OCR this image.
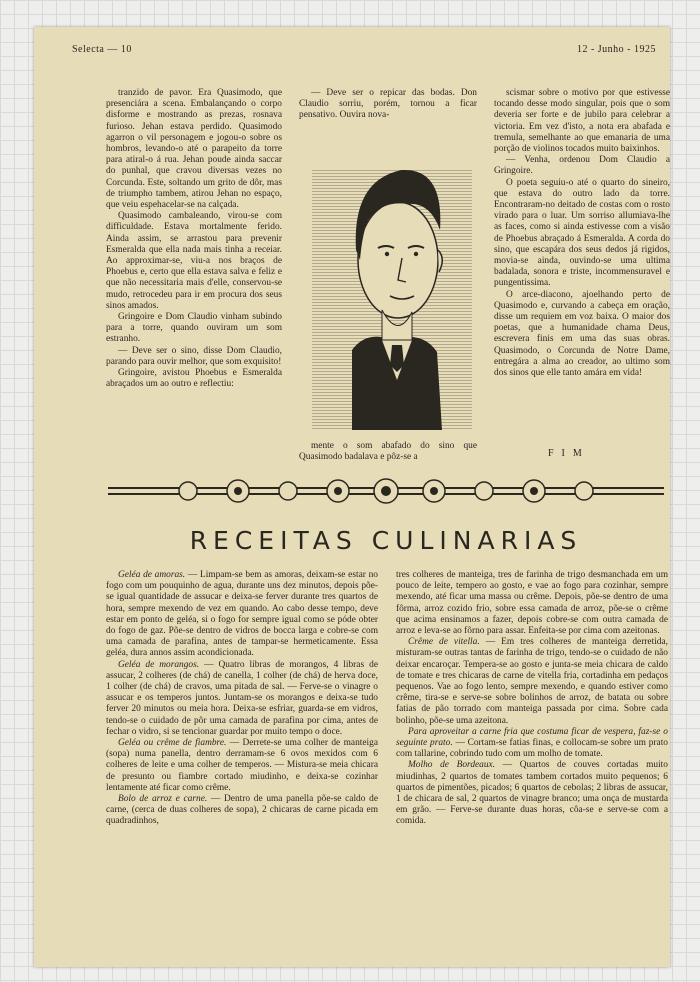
Selecta — 10	12 - Junho - 1925

tranzido de pavor. Era Quasimodo, que presenciára a scena. Embalançando o corpo disforme e mostrando as prezas, rosnava furioso. Jehan estava perdido. Quasimodo agarron o vil personagem e jogou-o sobre os hombros, levando-o até o parapeito da torre para atiral-o á rua. Jehan poude ainda saccar do punhal, que cravou diversas vezes no Corcunda. Este, soltando um grito de dôr, mas de triumpho tambem, atirou Jehan no espaço, que veiu espehacelar-se na calçada.

Quasimodo cambaleando, virou-se com difficuldade. Estava mortalmente ferido. Ainda assim, se arrastou para prevenir Esmeralda que ella nada mais tinha a receiar. Ao approximar-se, viu-a nos braços de Phoebus e, certo que ella estava salva e feliz e que não necessitaria mais d'elle, conservou-se mudo, retrocedeu para ir em procura dos seus sinos amados.

Gringoire e Dom Claudio vinham subindo para a torre, quando ouviram um som estranho.

— Deve ser o sino, disse Dom Claudio, parando para ouvir melhor, que som exquisito!

Gringoire, avistou Phoebus e Esmeralda abraçados um ao outro e reflectiu:

— Deve ser o repicar das bodas. Don Claudio sorriu, porém, tornou a ficar pensativo. Ouvira nova-

mente o som abafado do sino que Quasimodo badalava e pôz-se a

scismar sobre o motivo por que estivesse tocando desse modo singular, pois que o som deveria ser forte e de jubilo para celebrar a victoria. Em vez d'isto, a nota era abafada e tremula, semelhante ao que emanaria de uma porção de violinos tocados muito baixinhos.

— Venha, ordenou Dom Claudio a Gringoire.

O poeta seguiu-o até o quarto do sineiro, que estava do outro lado da torre. Encontraram-no deitado de costas com o rosto virado para o luar. Um sorriso allumiava-lhe as faces, como si ainda estivesse com a visão de Phoebus abraçado á Esmeralda. A corda do sino, que escapára dos seus dedos já rigidos, movia-se ainda, ouvindo-se uma ultima badalada, sonora e triste, incommensuravel e pungentissima.

O arce-diacono, ajoelhando perto de Quasimodo e, curvando a cabeça em oração, disse um requiem em voz baixa. O maior dos poetas, que a humanidade chama Deus, escrevera finis em uma das suas obras. Quasimodo, o Corcunda de Notre Dame, entregára a alma ao creador, ao ultimo som dos sinos que elle tanto amára em vida!

FIM
RECEITAS CULINARIAS

Geléa de amoras. — Limpam-se bem as amoras, deixam-se estar no fogo com um pouquinho de agua, durante uns dez minutos, depois põe-se igual quantidade de assucar e deixa-se ferver durante tres quartos de hora, sempre mexendo de vez em quando. Ao cabo desse tempo, deve estar em ponto de geléa, si o fogo for sempre igual como se póde obter do fogo de gaz. Põe-se dentro de vidros de bocca larga e cobre-se com uma camada de parafina, antes de tampar-se hermeticamente. Essa geléa, dura annos assim acondicionada.

Geléa de morangos. — Quatro libras de morangos, 4 libras de assucar, 2 colheres (de chá) de canella, 1 colher (de chá) de herva doce, 1 colher (de chá) de cravos, uma pitada de sal. — Ferve-se o vinagre o assucar e os temperos juntos. Juntam-se os morangos e deixa-se tudo ferver 20 minutos ou meia hora. Deixa-se esfriar, guarda-se em vidros, tendo-se o cuidado de pôr uma camada de parafina por cima, antes de fechar o vidro, si se tencionar guardar por muito tempo o doce.

Geléa ou crême de fiambre. — Derrete-se uma colher de manteiga (sopa) numa panella, dentro derramam-se 6 ovos mexidos com 6 colheres de leite e uma colher de temperos. — Mistura-se meia chicara de presunto ou fiambre cortado miudinho, e deixa-se cozinhar lentamente até ficar como crême.

Bolo de arroz e carne. — Dentro de uma panella põe-se caldo de carne, (cerca de duas colheres de sopa), 2 chicaras de carne picada em quadradinhos,

tres colheres de manteiga, tres de farinha de trigo desmanchada em um pouco de leite, tempero ao gosto, e vae ao fogo para cozinhar, sempre mexendo, até ficar uma massa ou crême. Depois, põe-se dentro de uma fôrma, arroz cozido frio, sobre essa camada de arroz, põe-se o crême que acima ensinamos a fazer, depois cobre-se com outra camada de arroz e leva-se ao fôrno para assar. Enfeita-se por cima com azeitonas.

Crême de vitella. — Em tres colheres de manteiga derretida, misturam-se outras tantas de farinha de trigo, tendo-se o cuidado de não deixar encaroçar. Tempera-se ao gosto e junta-se meia chicara de caldo de tomate e tres chicaras de carne de vitella fria, cortadinha em pedaços pequenos. Vae ao fogo lento, sempre mexendo, e quando estiver como crême, tira-se e serve-se sobre bolinhos de arroz, de batata ou sobre fatias de pão torrado com manteiga passada por cima. Sobre cada bolinho, põe-se uma azeitona.

Para aproveitar a carne fria que costuma ficar de vespera, faz-se o seguinte prato. — Cortam-se fatias finas, e collocam-se sobre um prato com tallarine, cobrindo tudo com um molho de tomate.

Molho de Bordeaux. — Quartos de couves cortadas muito miudinhas, 2 quartos de tomates tambem cortados muito pequenos; 6 quartos de pimentões, picados; 6 quartos de cebolas; 2 libras de assucar, 1 de chicara de sal, 2 quartos de vinagre branco; uma onça de mustarda em grão. — Ferve-se durante duas horas, côa-se e serve-se com a comida.
